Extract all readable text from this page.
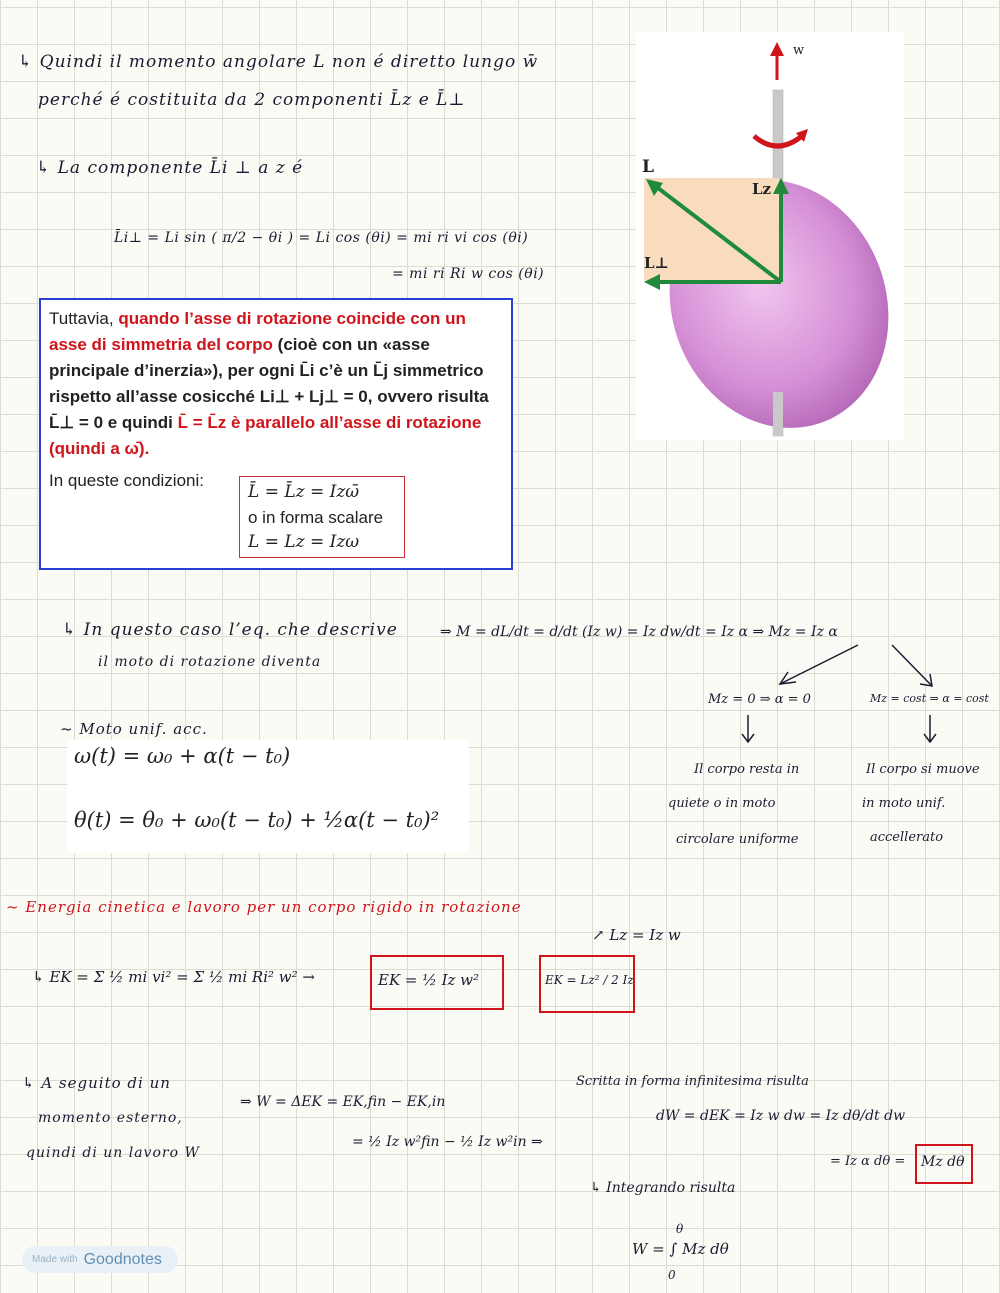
↳ Quindi il momento angolare L non é diretto lungo w̄
perché é costituita da 2 componenti L̄z e L̄⊥
↳ La componente L̄i ⊥ a z é
L̄i⊥ = Li sin ( π/2 − θi ) = Li cos (θi) = mi ri vi cos (θi)
= mi ri Ri w cos (θi)
Tuttavia, quando l’asse di rotazione coincide con un asse di simmetria del corpo (cioè con un «asse principale d’inerzia»), per ogni L̄i c’è un L̄j simmetrico rispetto all’asse cosicché Li⊥ + Lj⊥ = 0, ovvero risulta L̄⊥ = 0 e quindi L̄ = L̄z è parallelo all’asse di rotazione (quindi a ω̄).
In queste condizioni:
L̄ = L̄z = Izω̄
o in forma scalare
L = Lz = Izω
w
L
Lz
L⊥
↳ In questo caso l’eq. che descrive
il moto di rotazione diventa
⇒ M = dL/dt = d/dt (Iz w) = Iz dw/dt = Iz α ⇒ Mz = Iz α
Mz = 0 ⇒ α = 0	Mz = cost ⇒ α = cost
Il corpo resta in
quiete o in moto
circolare uniforme
Il corpo si muove
in moto unif.
accellerato
~ Moto unif. acc.
ω(t) = ω₀ + α(t − t₀)
θ(t) = θ₀ + ω₀(t − t₀) + ½α(t − t₀)²
~ Energia cinetica e lavoro per un corpo rigido in rotazione
↗ Lz = Iz w
↳ EK = Σ ½ mi vi² = Σ ½ mi Ri² w² →	EK = ½ Iz w²	EK = Lz² / 2 Iz
↳ A seguito di un
momento esterno,
quindi di un lavoro W
⇒ W = ΔEK = EK,fin − EK,in
= ½ Iz w²fin − ½ Iz w²in ⇒
Scritta in forma infinitesima risulta
dW = dEK = Iz w dw = Iz dθ/dt dw
= Iz α dθ = Mz dθ
↳ Integrando risulta
θ
W = ∫ Mz dθ
0
Made with Goodnotes
